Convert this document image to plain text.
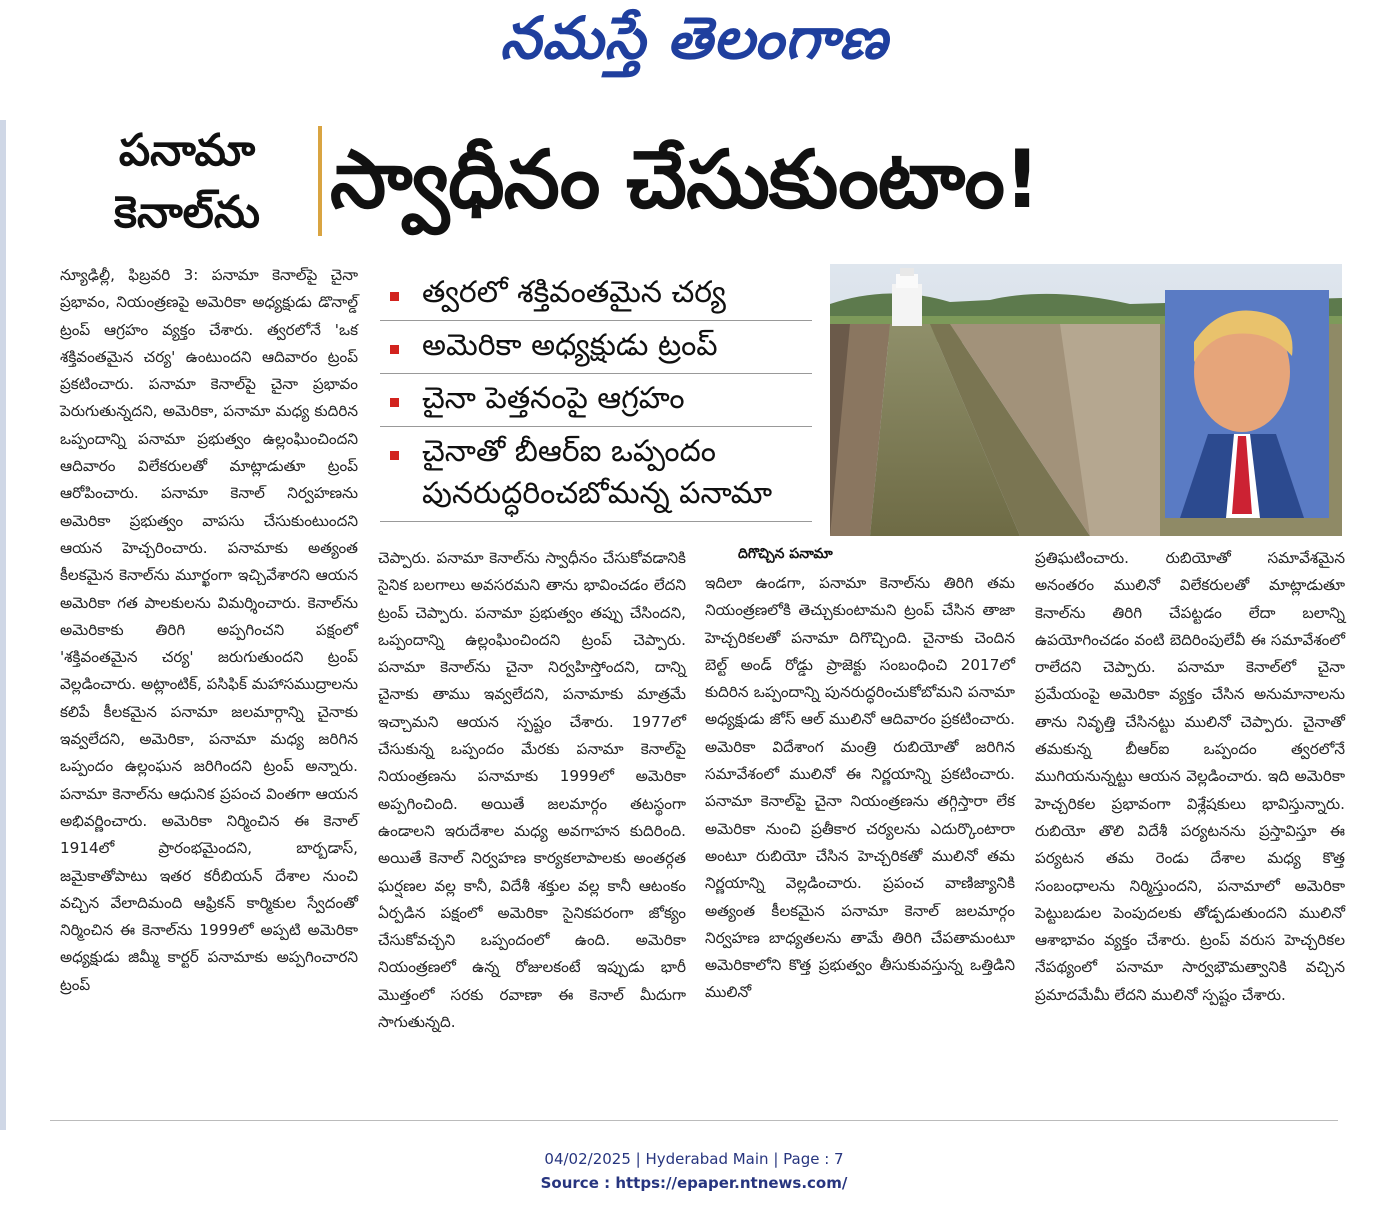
నమస్తే తెలంగాణ
పనామా
కెనాల్‌ను స్వాధీనం చేసుకుంటాం!
న్యూఢిల్లీ, ఫిబ్రవరి 3: పనామా కెనాల్‌పై చైనా ప్రభావం, నియంత్రణపై అమెరికా అధ్యక్షుడు డొనాల్డ్ ట్రంప్ ఆగ్రహం వ్యక్తం చేశారు. త్వరలోనే 'ఒక శక్తివంతమైన చర్య' ఉంటుందని ఆదివారం ట్రంప్ ప్రకటించారు. పనామా కెనాల్‌పై చైనా ప్రభావం పెరుగుతున్నదని, అమెరికా, పనామా మధ్య కుదిరిన ఒప్పందాన్ని పనామా ప్రభుత్వం ఉల్లంఘించిందని ఆదివారం విలేకరులతో మాట్లాడుతూ ట్రంప్ ఆరోపించారు. పనామా కెనాల్ నిర్వహణను అమెరికా ప్రభుత్వం వాపసు చేసుకుంటుందని ఆయన హెచ్చరించారు. పనామాకు అత్యంత కీలకమైన కెనాల్‌ను మూర్ఖంగా ఇచ్చివేశారని ఆయన అమెరికా గత పాలకులను విమర్శించారు. కెనాల్‌ను అమెరికాకు తిరిగి అప్పగించని పక్షంలో 'శక్తివంతమైన చర్య' జరుగుతుందని ట్రంప్ వెల్లడించారు. అట్లాంటిక్, పసిఫిక్ మహాసముద్రాలను కలిపే కీలకమైన పనామా జలమార్గాన్ని చైనాకు ఇవ్వలేదని, అమెరికా, పనామా మధ్య జరిగిన ఒప్పందం ఉల్లంఘన జరిగిందని ట్రంప్ అన్నారు. పనామా కెనాల్‌ను ఆధునిక ప్రపంచ వింతగా ఆయన అభివర్ణించారు. అమెరికా నిర్మించిన ఈ కెనాల్ 1914లో ప్రారంభమైందని, బార్బడాస్, జమైకాతోపాటు ఇతర కరీబియన్ దేశాల నుంచి వచ్చిన వేలాదిమంది ఆఫ్రికన్ కార్మికుల స్వేదంతో నిర్మించిన ఈ కెనాల్‌ను 1999లో అప్పటి అమెరికా అధ్యక్షుడు జిమ్మీ కార్టర్ పనామాకు అప్పగించారని ట్రంప్
త్వరలో శక్తివంతమైన చర్య
అమెరికా అధ్యక్షుడు ట్రంప్
చైనా పెత్తనంపై ఆగ్రహం
చైనాతో బీఆర్‌ఐ ఒప్పందం పునరుద్ధరించబోమన్న పనామా
చెప్పారు. పనామా కెనాల్‌ను స్వాధీనం చేసుకోవడానికి సైనిక బలగాలు అవసరమని తాను భావించడం లేదని ట్రంప్ చెప్పారు. పనామా ప్రభుత్వం తప్పు చేసిందని, ఒప్పందాన్ని ఉల్లంఘించిందని ట్రంప్ చెప్పారు. పనామా కెనాల్‌ను చైనా నిర్వహిస్తోందని, దాన్ని చైనాకు తాము ఇవ్వలేదని, పనామాకు మాత్రమే ఇచ్చామని ఆయన స్పష్టం చేశారు. 1977లో చేసుకున్న ఒప్పందం మేరకు పనామా కెనాల్‌పై నియంత్రణను పనామాకు 1999లో అమెరికా అప్పగించింది. అయితే జలమార్గం తటస్థంగా ఉండాలని ఇరుదేశాల మధ్య అవగాహన కుదిరింది. అయితే కెనాల్ నిర్వహణ కార్యకలాపాలకు అంతర్గత ఘర్షణల వల్ల కానీ, విదేశీ శక్తుల వల్ల కానీ ఆటంకం ఏర్పడిన పక్షంలో అమెరికా సైనికపరంగా జోక్యం చేసుకోవచ్చని ఒప్పందంలో ఉంది. అమెరికా నియంత్రణలో ఉన్న రోజులకంటే ఇప్పుడు భారీ మొత్తంలో సరకు రవాణా ఈ కెనాల్ మీదుగా సాగుతున్నది.
దిగొచ్చిన పనామా
ఇదిలా ఉండగా, పనామా కెనాల్‌ను తిరిగి తమ నియంత్రణలోకి తెచ్చుకుంటామని ట్రంప్ చేసిన తాజా హెచ్చరికలతో పనామా దిగొచ్చింది. చైనాకు చెందిన బెల్ట్ అండ్ రోడ్డు ప్రాజెక్టు సంబంధించి 2017లో కుదిరిన ఒప్పందాన్ని పునరుద్ధరించుకోబోమని పనామా అధ్యక్షుడు జోస్ ఆల్ ములినో ఆదివారం ప్రకటించారు. అమెరికా విదేశాంగ మంత్రి రుబియోతో జరిగిన సమావేశంలో ములినో ఈ నిర్ణయాన్ని ప్రకటించారు. పనామా కెనాల్‌పై చైనా నియంత్రణను తగ్గిస్తారా లేక అమెరికా నుంచి ప్రతీకార చర్యలను ఎదుర్కొంటారా అంటూ రుబియో చేసిన హెచ్చరికతో ములినో తమ నిర్ణయాన్ని వెల్లడించారు. ప్రపంచ వాణిజ్యానికి అత్యంత కీలకమైన పనామా కెనాల్ జలమార్గం నిర్వహణ బాధ్యతలను తామే తిరిగి చేపతామంటూ అమెరికాలోని కొత్త ప్రభుత్వం తీసుకువస్తున్న ఒత్తిడిని ములినో
ప్రతిఘటించారు. రుబియోతో సమావేశమైన అనంతరం ములినో విలేకరులతో మాట్లాడుతూ కెనాల్‌ను తిరిగి చేపట్టడం లేదా బలాన్ని ఉపయోగించడం వంటి బెదిరింపులేవీ ఈ సమావేశంలో రాలేదని చెప్పారు. పనామా కెనాల్‌లో చైనా ప్రమేయంపై అమెరికా వ్యక్తం చేసిన అనుమానాలను తాను నివృత్తి చేసినట్టు ములినో చెప్పారు. చైనాతో తమకున్న బీఆర్‌ఐ ఒప్పందం త్వరలోనే ముగియనున్నట్టు ఆయన వెల్లడించారు. ఇది అమెరికా హెచ్చరికల ప్రభావంగా విశ్లేషకులు భావిస్తున్నారు. రుబియో తొలి విదేశీ పర్యటనను ప్రస్తావిస్తూ ఈ పర్యటన తమ రెండు దేశాల మధ్య కొత్త సంబంధాలను నిర్మిస్తుందని, పనామాలో అమెరికా పెట్టుబడుల పెంపుదలకు తోడ్పడుతుందని ములినో ఆశాభావం వ్యక్తం చేశారు. ట్రంప్ వరుస హెచ్చరికల నేపథ్యంలో పనామా సార్వభౌమత్వానికి వచ్చిన ప్రమాదమేమీ లేదని ములినో స్పష్టం చేశారు.
04/02/2025 | Hyderabad Main | Page : 7
Source : https://epaper.ntnews.com/
